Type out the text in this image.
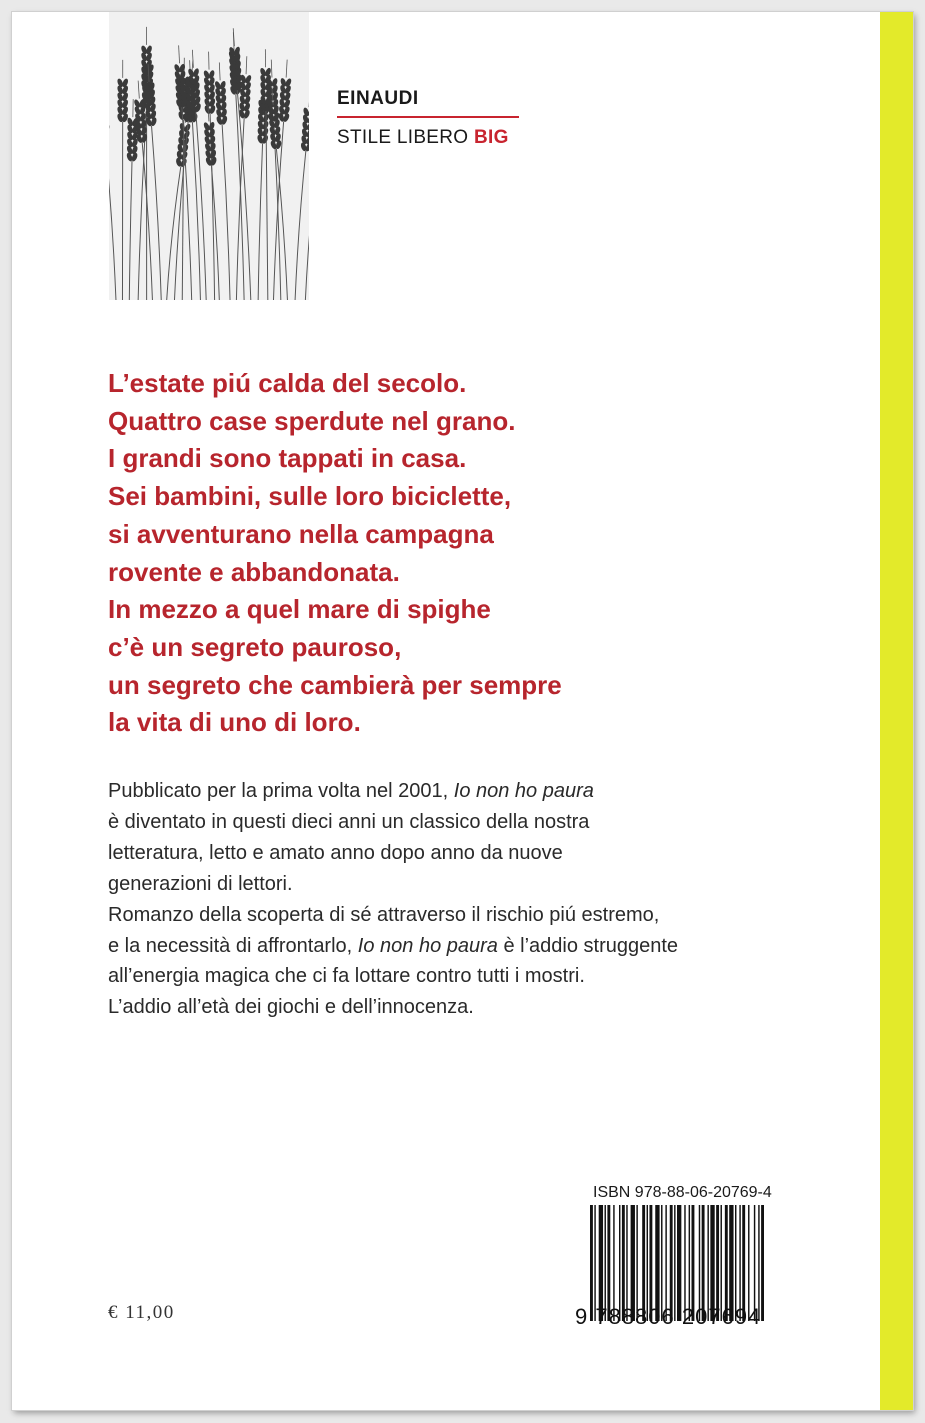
EINAUDI
STILE LIBERO BIG
L’estate piú calda del secolo.
Quattro case sperdute nel grano.
I grandi sono tappati in casa.
Sei bambini, sulle loro biciclette,
si avventurano nella campagna
rovente e abbandonata.
In mezzo a quel mare di spighe
c’è un segreto pauroso,
un segreto che cambierà per sempre
la vita di uno di loro.
Pubblicato per la prima volta nel 2001, Io non ho paura
è diventato in questi dieci anni un classico della nostra
letteratura, letto e amato anno dopo anno da nuove
generazioni di lettori.
Romanzo della scoperta di sé attraverso il rischio piú estremo,
e la necessità di affrontarlo, Io non ho paura è l’addio struggente
all’energia magica che ci fa lottare contro tutti i mostri.
L’addio all’età dei giochi e dell’innocenza.
€ 11,00
ISBN 978-88-06-20769-4
9 788806 207694
